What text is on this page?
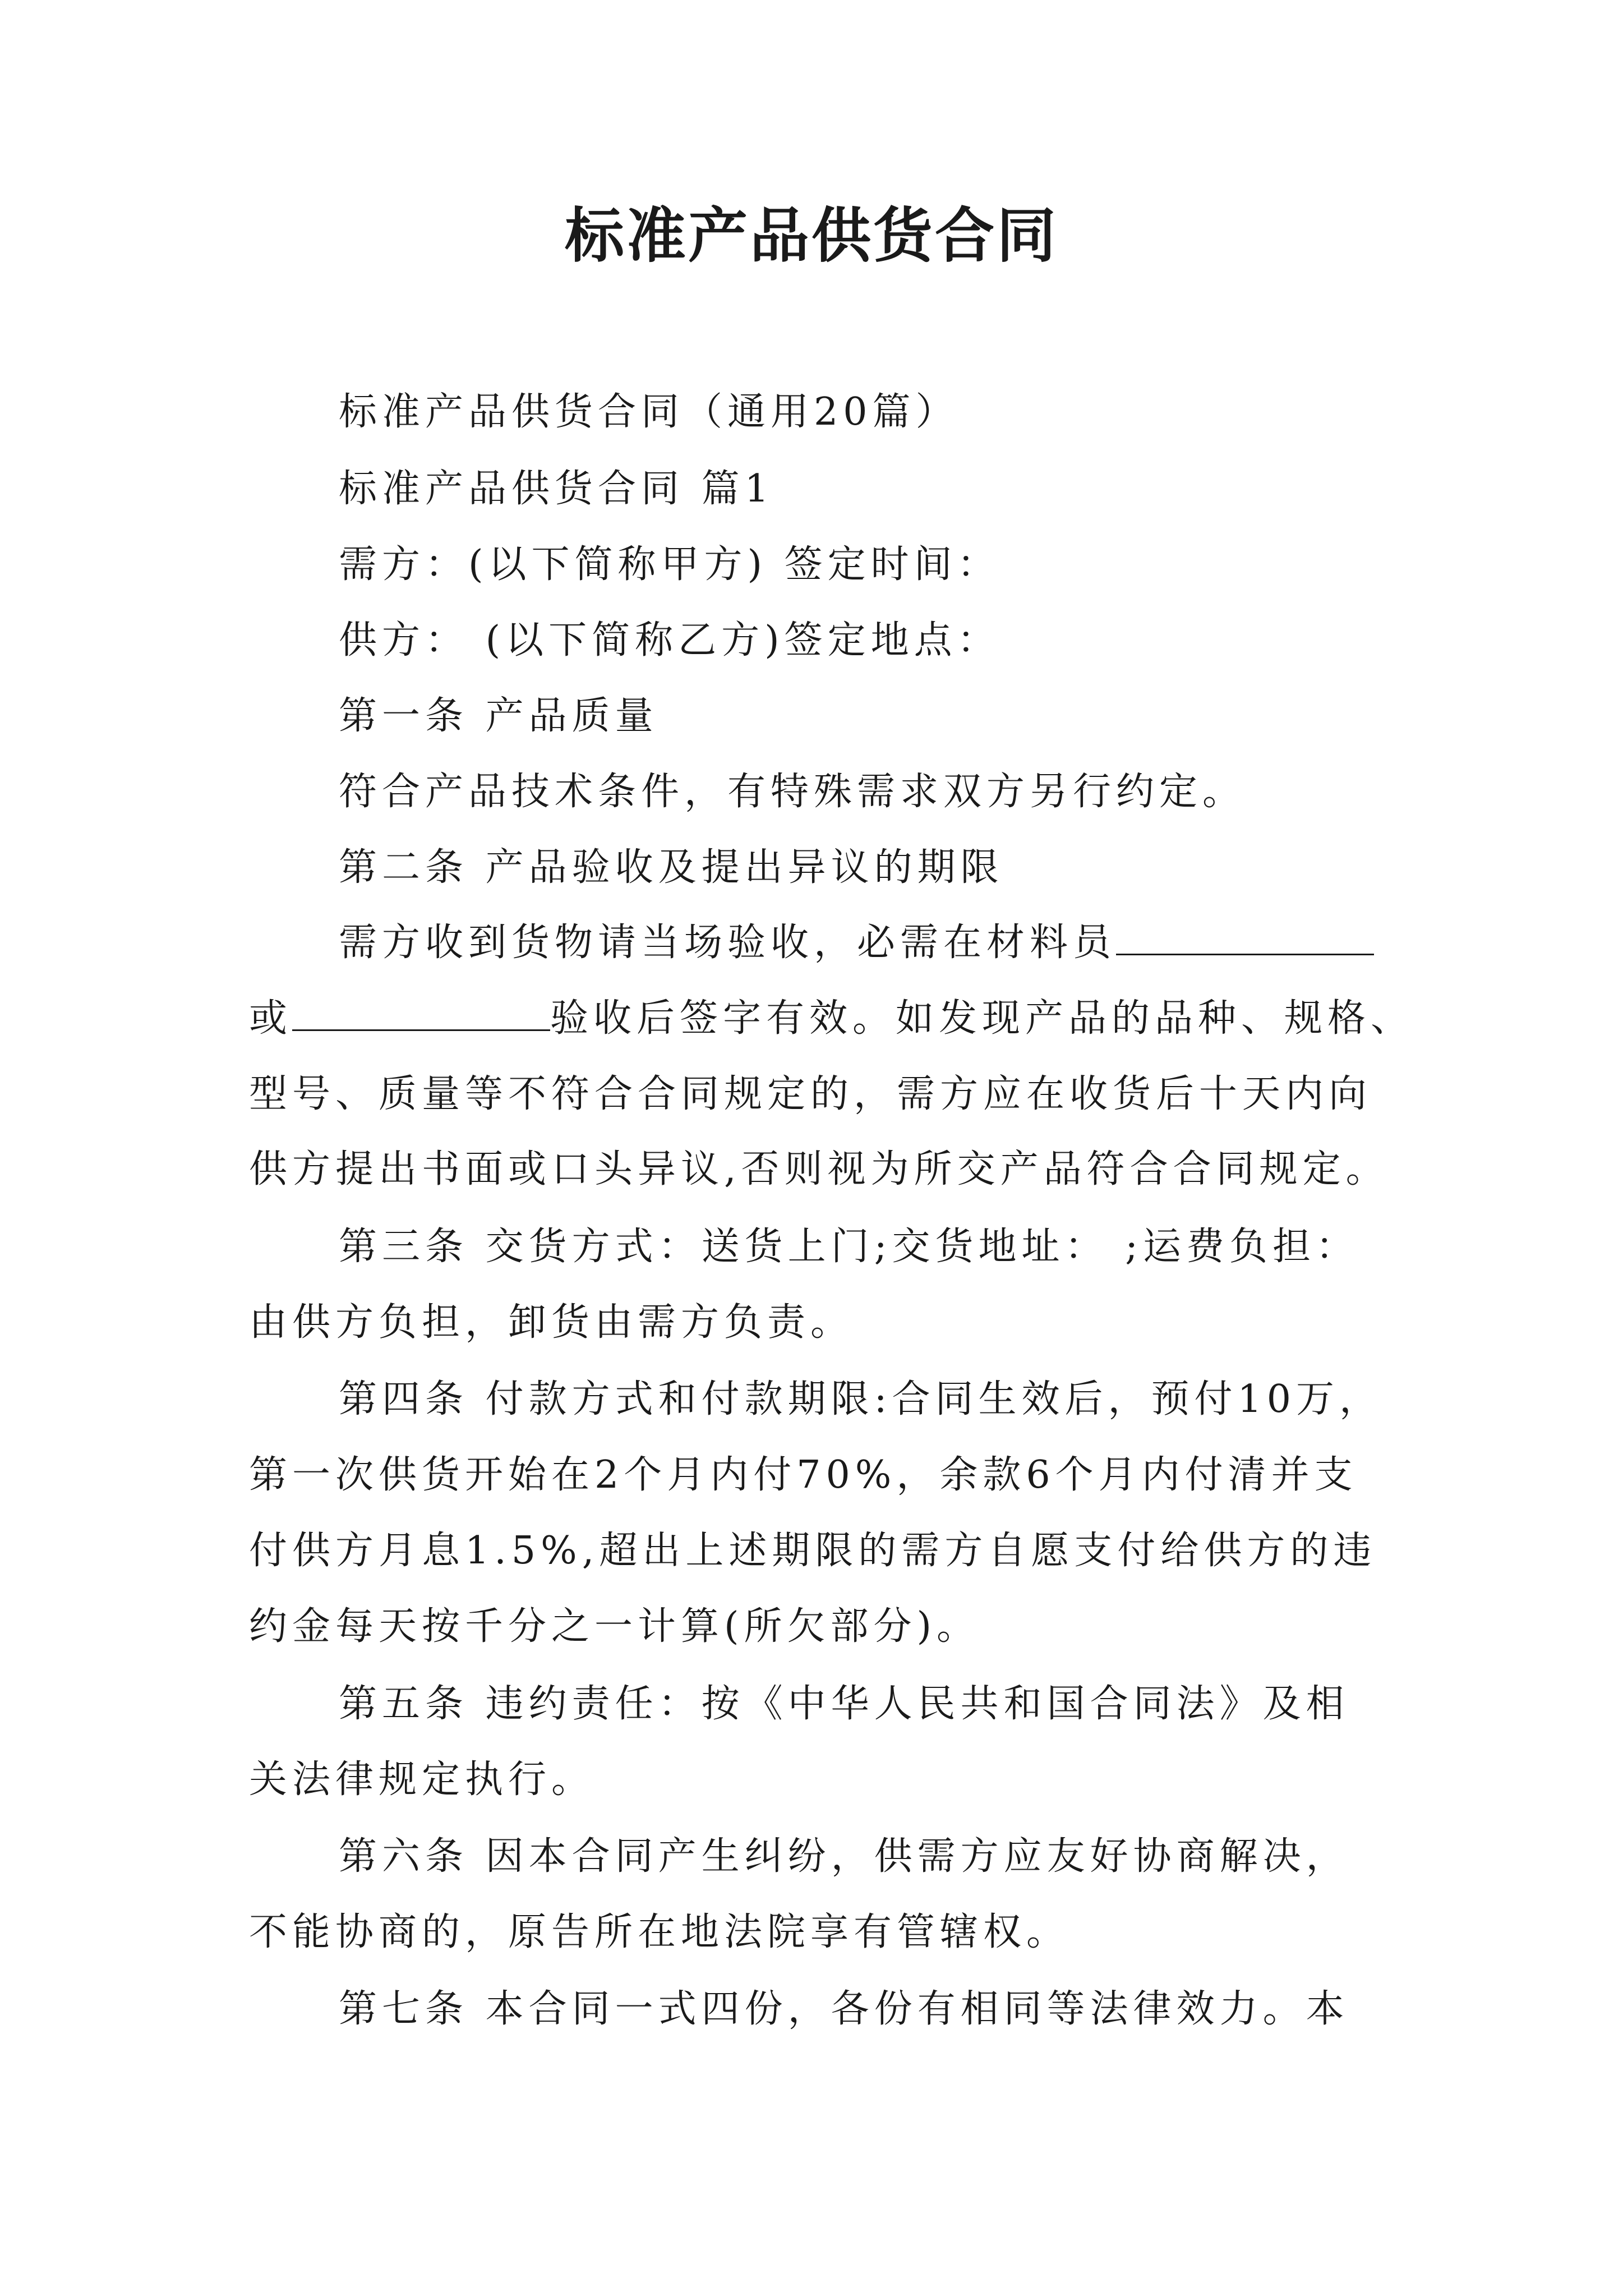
标准产品供货合同
标准产品供货合同（通用20篇）
标准产品供货合同 篇1
需方：(以下简称甲方) 签定时间：
供方： (以下简称乙方)签定地点：
第一条 产品质量
符合产品技术条件，有特殊需求双方另行约定。
第二条 产品验收及提出异议的期限
需方收到货物请当场验收，必需在材料员
或	验收后签字有效。如发现产品的品种、规格、
型号、质量等不符合合同规定的，需方应在收货后十天内向
供方提出书面或口头异议,否则视为所交产品符合合同规定。
第三条 交货方式：送货上门;交货地址： ;运费负担：
由供方负担，卸货由需方负责。
第四条 付款方式和付款期限:合同生效后，预付10万，
第一次供货开始在2个月内付70%，余款6个月内付清并支
付供方月息1.5%,超出上述期限的需方自愿支付给供方的违
约金每天按千分之一计算(所欠部分)。
第五条 违约责任：按《中华人民共和国合同法》及相
关法律规定执行。
第六条 因本合同产生纠纷，供需方应友好协商解决，
不能协商的，原告所在地法院享有管辖权。
第七条 本合同一式四份，各份有相同等法律效力。本
